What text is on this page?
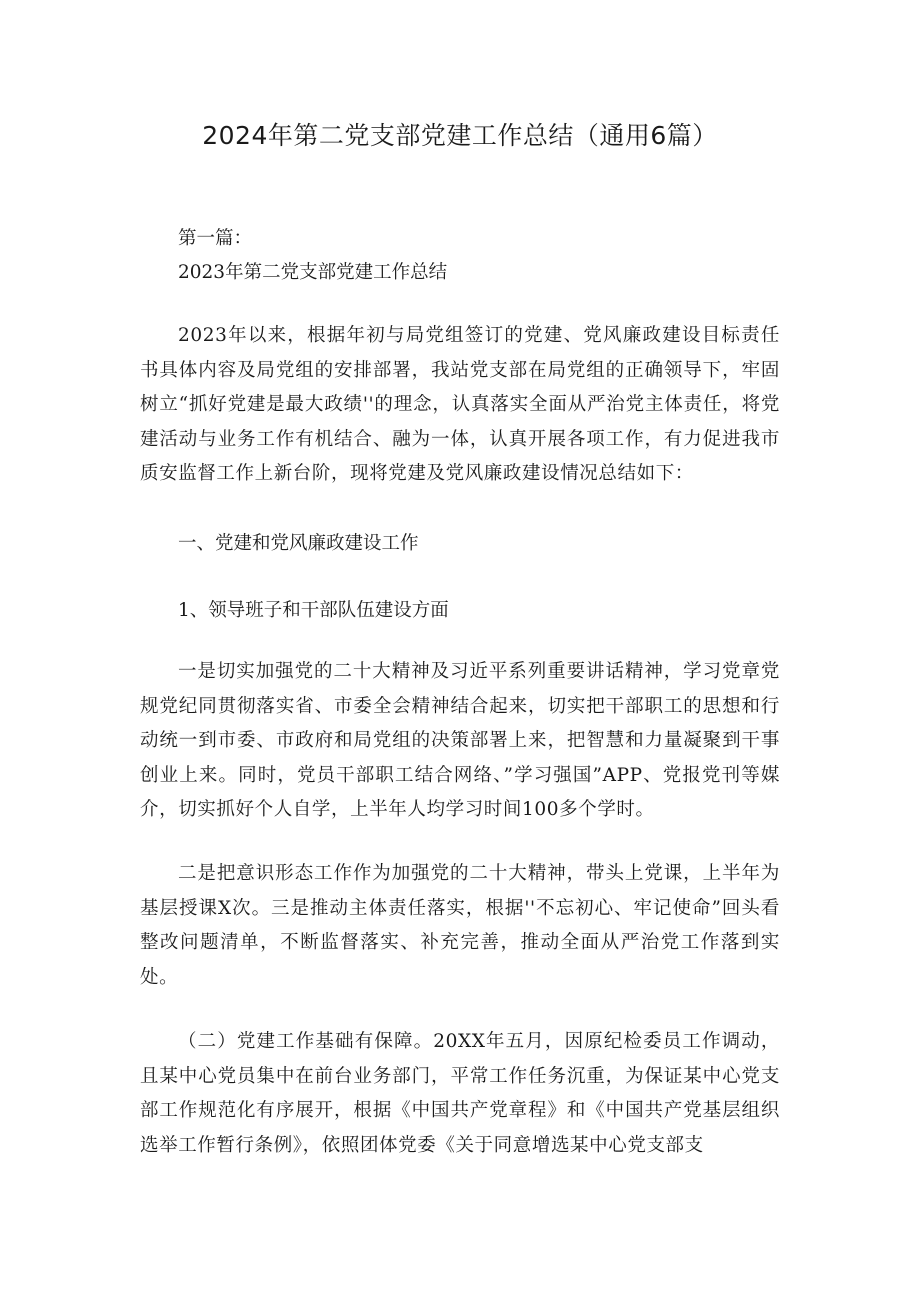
2024年第二党支部党建工作总结（通用6篇）

第一篇：

2023年第二党支部党建工作总结

2023年以来，根据年初与局党组签订的党建、党风廉政建设目标责任书具体内容及局党组的安排部署，我站党支部在局党组的正确领导下，牢固树立“抓好党建是最大政绩''的理念，认真落实全面从严治党主体责任，将党建活动与业务工作有机结合、融为一体，认真开展各项工作，有力促进我市质安监督工作上新台阶，现将党建及党风廉政建设情况总结如下：

一、党建和党风廉政建设工作

1、领导班子和干部队伍建设方面

一是切实加强党的二十大精神及习近平系列重要讲话精神，学习党章党规党纪同贯彻落实省、市委全会精神结合起来，切实把干部职工的思想和行动统一到市委、市政府和局党组的决策部署上来，把智慧和力量凝聚到干事创业上来。同时，党员干部职工结合网络、”学习强国”APP、党报党刊等媒介，切实抓好个人自学，上半年人均学习时间100多个学时。

二是把意识形态工作作为加强党的二十大精神，带头上党课，上半年为基层授课X次。三是推动主体责任落实，根据''不忘初心、牢记使命”回头看整改问题清单，不断监督落实、补充完善，推动全面从严治党工作落到实处。

（二）党建工作基础有保障。20XX年五月，因原纪检委员工作调动，且某中心党员集中在前台业务部门，平常工作任务沉重，为保证某中心党支部工作规范化有序展开，根据《中国共产党章程》和《中国共产党基层组织选举工作暂行条例》，依照团体党委《关于同意增选某中心党支部支
